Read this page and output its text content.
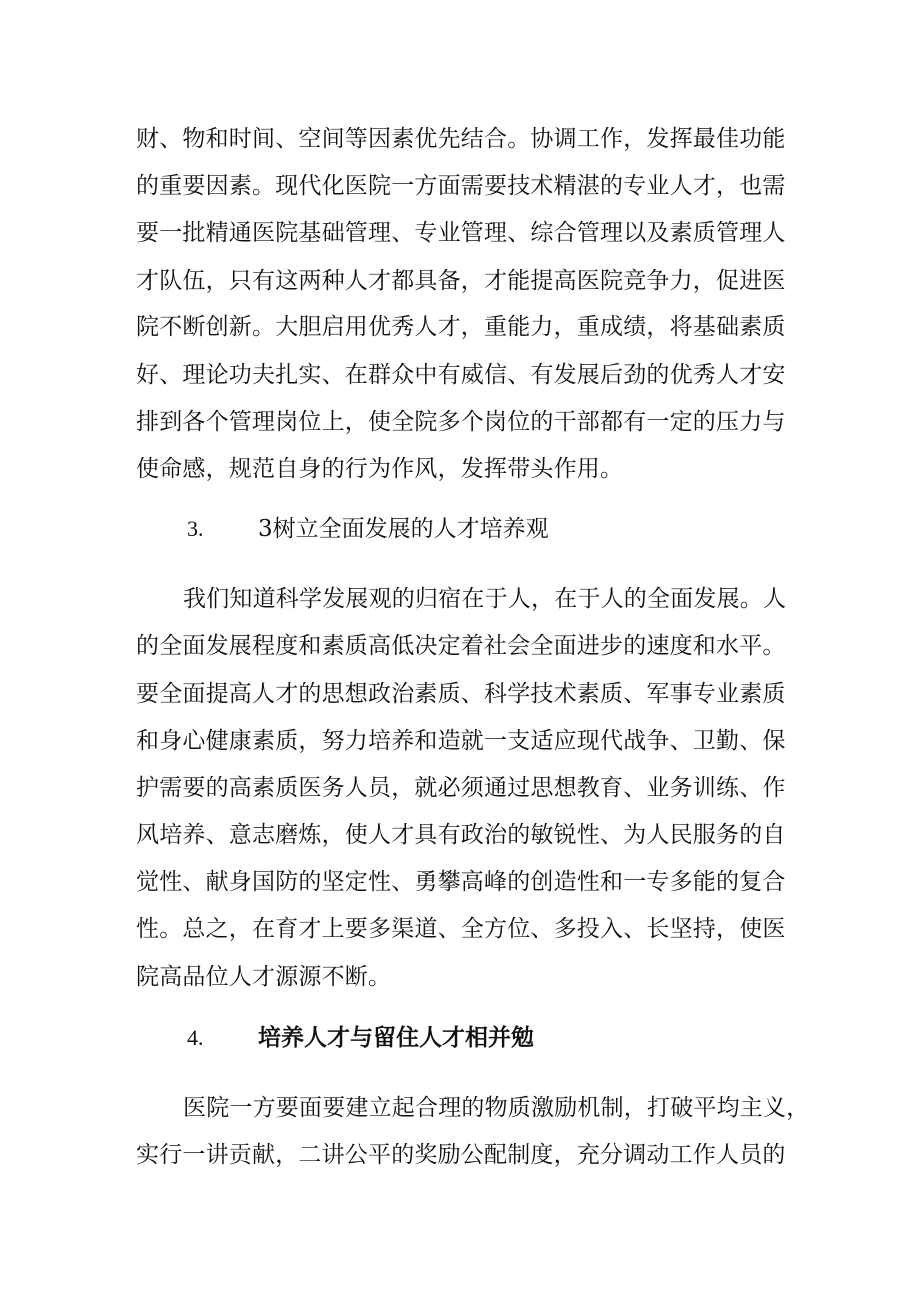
财、物和时间、空间等因素优先结合。协调工作，发挥最佳功能
的重要因素。现代化医院一方面需要技术精湛的专业人才，也需
要一批精通医院基础管理、专业管理、综合管理以及素质管理人
才队伍，只有这两种人才都具备，才能提高医院竞争力，促进医
院不断创新。大胆启用优秀人才，重能力，重成绩，将基础素质
好、理论功夫扎实、在群众中有威信、有发展后劲的优秀人才安
排到各个管理岗位上，使全院多个岗位的干部都有一定的压力与
使命感，规范自身的行为作风，发挥带头作用。
3. 3树立全面发展的人才培养观
我们知道科学发展观的归宿在于人，在于人的全面发展。人
的全面发展程度和素质高低决定着社会全面进步的速度和水平。
要全面提高人才的思想政治素质、科学技术素质、军事专业素质
和身心健康素质，努力培养和造就一支适应现代战争、卫勤、保
护需要的高素质医务人员，就必须通过思想教育、业务训练、作
风培养、意志磨炼，使人才具有政治的敏锐性、为人民服务的自
觉性、献身国防的坚定性、勇攀高峰的创造性和一专多能的复合
性。总之，在育才上要多渠道、全方位、多投入、长坚持，使医
院高品位人才源源不断。
4. 培养人才与留住人才相并勉
医院一方要面要建立起合理的物质激励机制，打破平均主义，
实行一讲贡献，二讲公平的奖励公配制度，充分调动工作人员的
